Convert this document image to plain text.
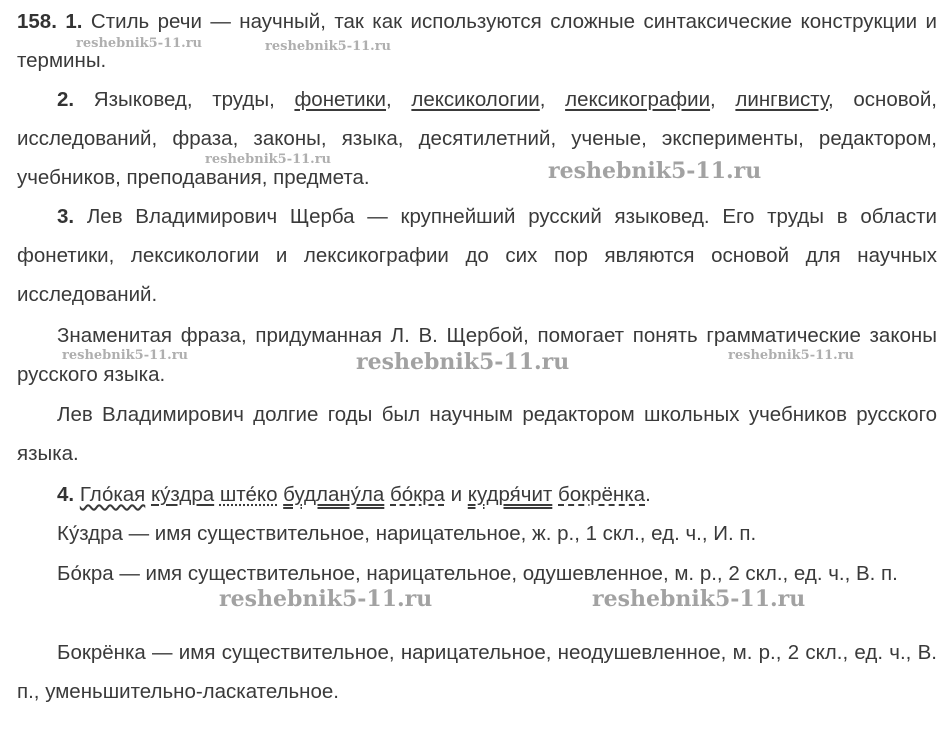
158. 1. Стиль речи — научный, так как используются сложные синтаксические конструкции и термины.

2. Языковед, труды, фонетики, лексикологии, лексикографии, лингвисту, основой, исследований, фраза, законы, языка, десятилетний, ученые, эксперименты, редактором, учебников, преподавания, предмета.

3. Лев Владимирович Щерба — крупнейший русский языковед. Его труды в области фонетики, лексикологии и лексикографии до сих пор являются основой для научных исследований.

Знаменитая фраза, придуманная Л. В. Щербой, помогает понять грамматические законы русского языка.

Лев Владимирович долгие годы был научным редактором школьных учебников русского языка.

4. Гло́кая ку́здра ште́ко будлану́ла бо́кра и кудря́чит бокрёнка.

Ку́здра — имя существительное, нарицательное, ж. р., 1 скл., ед. ч., И. п.

Бо́кра — имя существительное, нарицательное, одушевленное, м. р., 2 скл., ед. ч., В. п.

Бокрёнка — имя существительное, нарицательное, неодушевленное, м. р., 2 скл., ед. ч., В. п., уменьшительно-ласкательное.

reshebnik5-11.ru	reshebnik5-11.ru
reshebnik5-11.ru	reshebnik5-11.ru
reshebnik5-11.ru	reshebnik5-11.ru	reshebnik5-11.ru
reshebnik5-11.ru	reshebnik5-11.ru
